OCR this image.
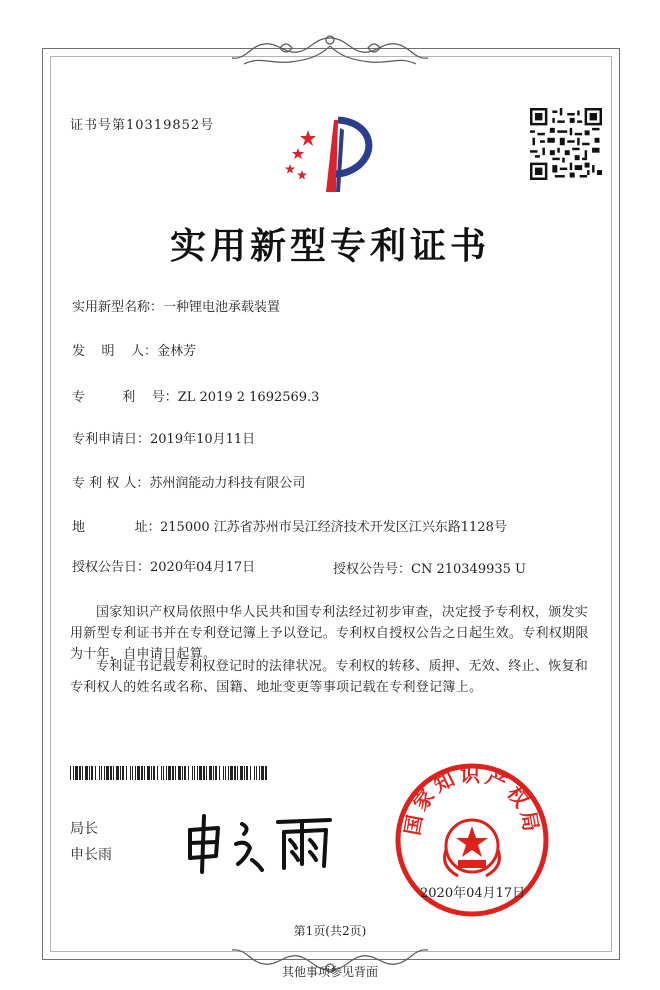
证书号第10319852号
实用新型专利证书
实用新型名称：一种锂电池承载装置
发    明    人：金林芳
专         利    号：ZL 2019 2 1692569.3
专利申请日：2019年10月11日
专 利 权 人：苏州润能动力科技有限公司
地            址： 215000 江苏省苏州市吴江经济技术开发区江兴东路1128号
授权公告日：2020年04月17日	授权公告号：CN 210349935 U
国家知识产权局依照中华人民共和国专利法经过初步审查，决定授予专利权，颁发实用新型专利证书并在专利登记簿上予以登记。专利权自授权公告之日起生效。专利权期限为十年，自申请日起算。
专利证书记载专利权登记时的法律状况。专利权的转移、质押、无效、终止、恢复和专利权人的姓名或名称、国籍、地址变更等事项记载在专利登记簿上。
局长
申长雨
国家知识产权局
2020年04月17日
第1页(共2页)
其他事项参见背面
